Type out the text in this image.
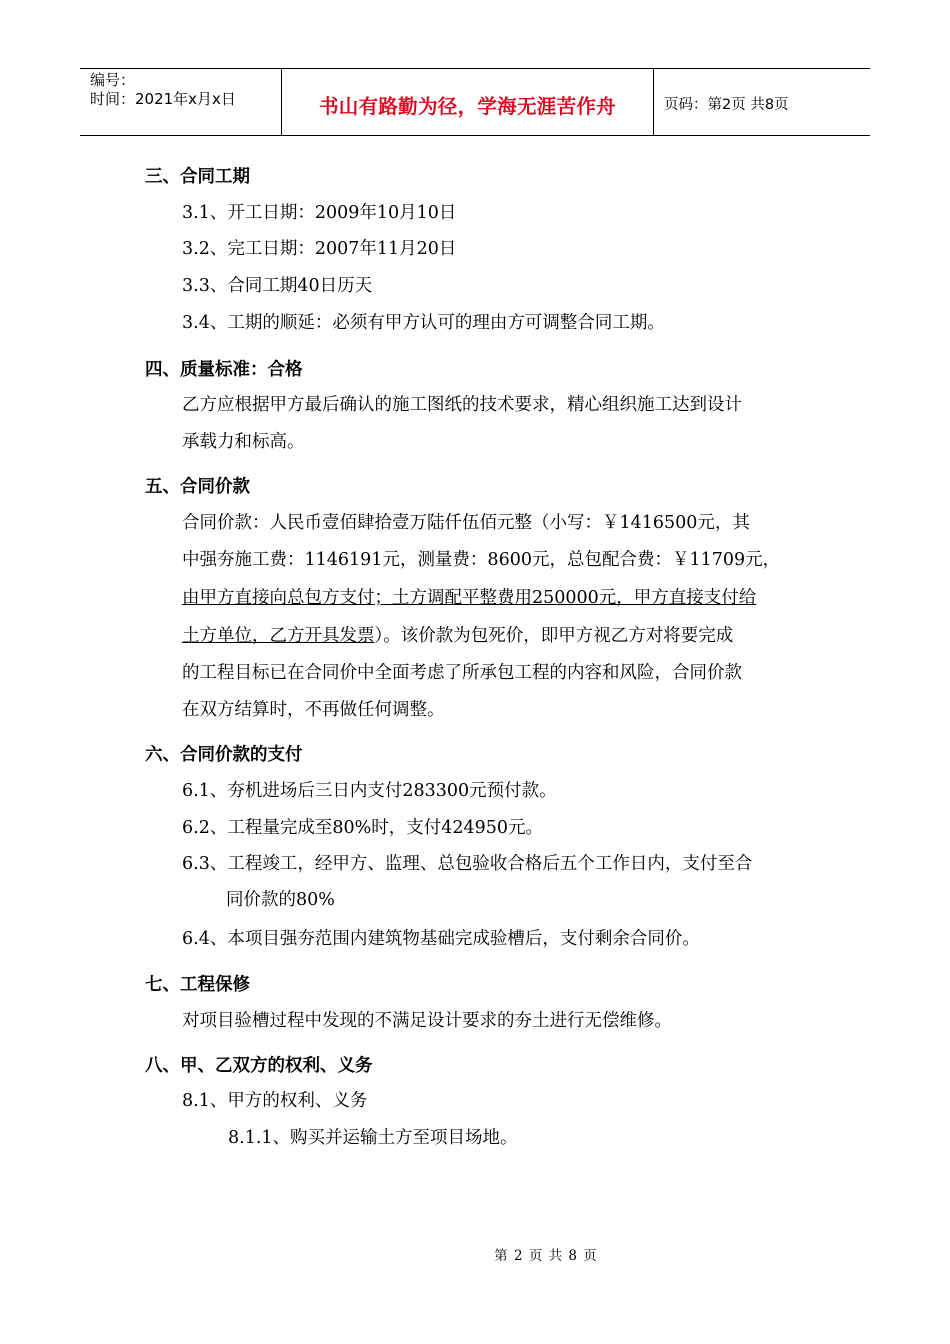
编号：
时间：2021年x月x日	书山有路勤为径，学海无涯苦作舟	页码：第2页 共8页
三、合同工期
3.1、开工日期：2009年10月10日
3.2、完工日期：2007年11月20日
3.3、合同工期40日历天
3.4、工期的顺延：必须有甲方认可的理由方可调整合同工期。
四、质量标准：合格
乙方应根据甲方最后确认的施工图纸的技术要求，精心组织施工达到设计
承载力和标高。
五、合同价款
合同价款：人民币壹佰肆拾壹万陆仟伍佰元整（小写：￥1416500元，其
中强夯施工费：1146191元，测量费：8600元，总包配合费：￥11709元，
由甲方直接向总包方支付；土方调配平整费用250000元，甲方直接支付给
土方单位，乙方开具发票）。该价款为包死价，即甲方视乙方对将要完成
的工程目标已在合同价中全面考虑了所承包工程的内容和风险，合同价款
在双方结算时，不再做任何调整。
六、合同价款的支付
6.1、夯机进场后三日内支付283300元预付款。
6.2、工程量完成至80%时，支付424950元。
6.3、工程竣工，经甲方、监理、总包验收合格后五个工作日内，支付至合
同价款的80%
6.4、本项目强夯范围内建筑物基础完成验槽后，支付剩余合同价。
七、工程保修
对项目验槽过程中发现的不满足设计要求的夯土进行无偿维修。
八、甲、乙双方的权利、义务
8.1、甲方的权利、义务
8.1.1、购买并运输土方至项目场地。
第 2 页 共 8 页
